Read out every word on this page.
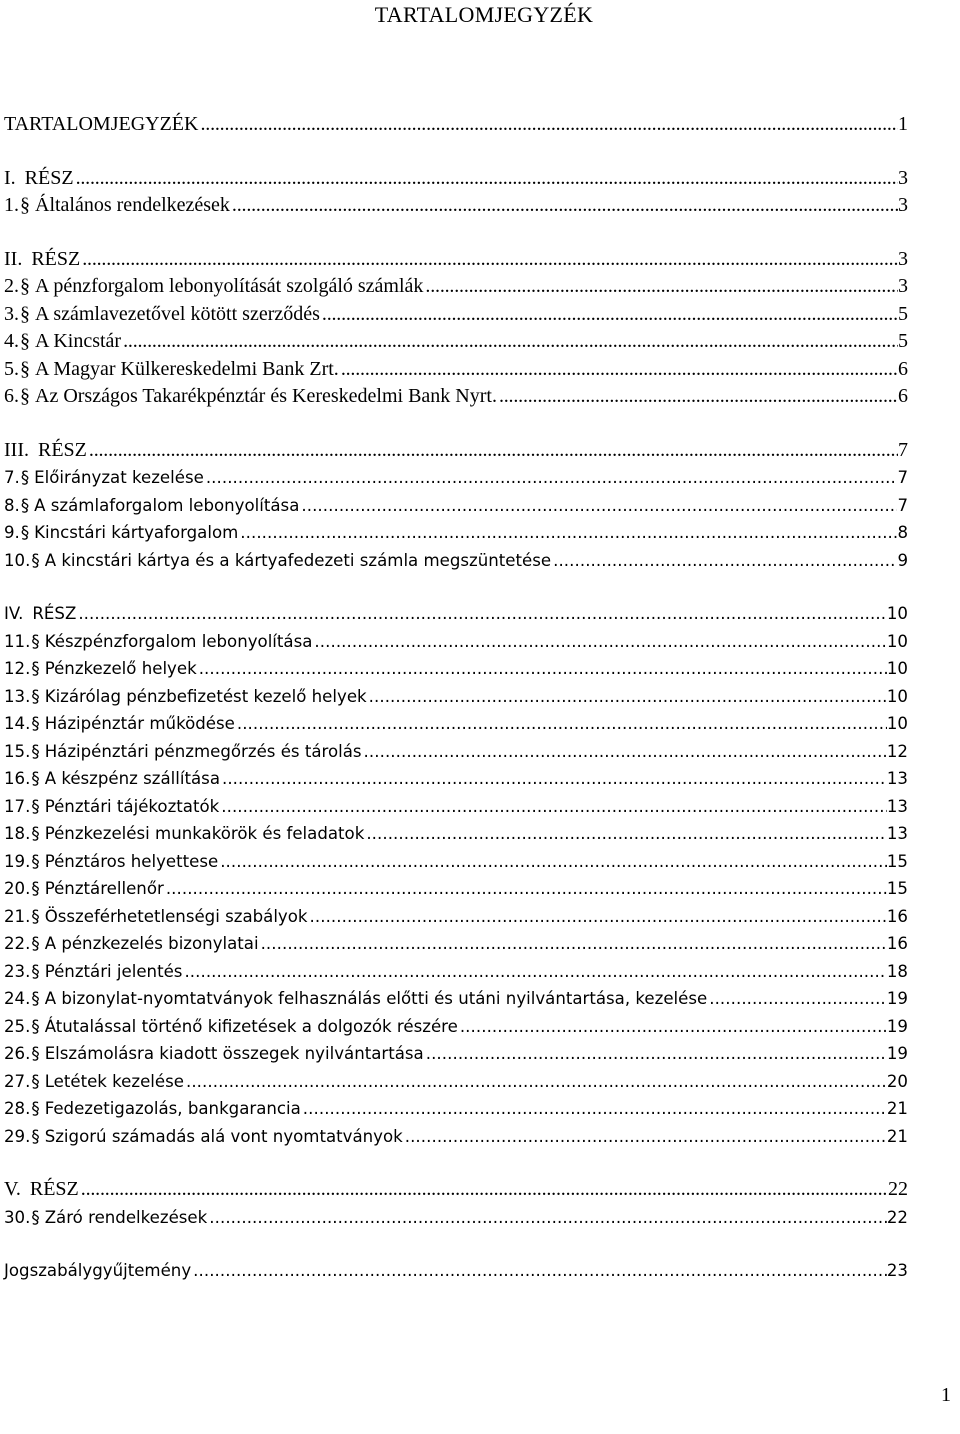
TARTALOMJEGYZÉK
TARTALOMJEGYZÉK . . .	1
I. RÉSZ . . .	3
1. § Általános rendelkezések . . .	3
II. RÉSZ . . .	3
2. § A pénzforgalom lebonyolítását szolgáló számlák . . .	3
3. § A számlavezetővel kötött szerződés . . .	5
4. § A Kincstár . . .	5
5. § A Magyar Külkereskedelmi Bank Zrt. . . .	6
6. § Az Országos Takarékpénztár és Kereskedelmi Bank Nyrt. . . .	6
III. RÉSZ . . .	7
7. § Előirányzat kezelése . . .	7
8. § A számlaforgalom lebonyolítása . . .	7
9. § Kincstári kártyaforgalom . . .	8
10. § A kincstári kártya és a kártyafedezeti számla megszüntetése . . .	9
IV. RÉSZ . . .	10
11. § Készpénzforgalom lebonyolítása . . .	10
12. § Pénzkezelő helyek . . .	10
13. § Kizárólag pénzbefizetést kezelő helyek . . .	10
14. § Házipénztár működése . . .	10
15. § Házipénztári pénzmegőrzés és tárolás . . .	12
16. § A készpénz szállítása . . .	13
17. § Pénztári tájékoztatók . . .	13
18. § Pénzkezelési munkakörök és feladatok . . .	13
19. § Pénztáros helyettese . . .	15
20. § Pénztárellenőr . . .	15
21. § Összeférhetetlenségi szabályok . . .	16
22. § A pénzkezelés bizonylatai . . .	16
23. § Pénztári jelentés . . .	18
24. § A bizonylat-nyomtatványok felhasználás előtti és utáni nyilvántartása, kezelése . . .	19
25. § Átutalással történő kifizetések a dolgozók részére . . .	19
26. § Elszámolásra kiadott összegek nyilvántartása . . .	19
27. § Letétek kezelése . . .	20
28. § Fedezetigazolás, bankgarancia . . .	21
29. § Szigorú számadás alá vont nyomtatványok . . .	21
V. RÉSZ . . .	22
30. § Záró rendelkezések . . .	22
Jogszabálygyűjtemény . . .	23
1
